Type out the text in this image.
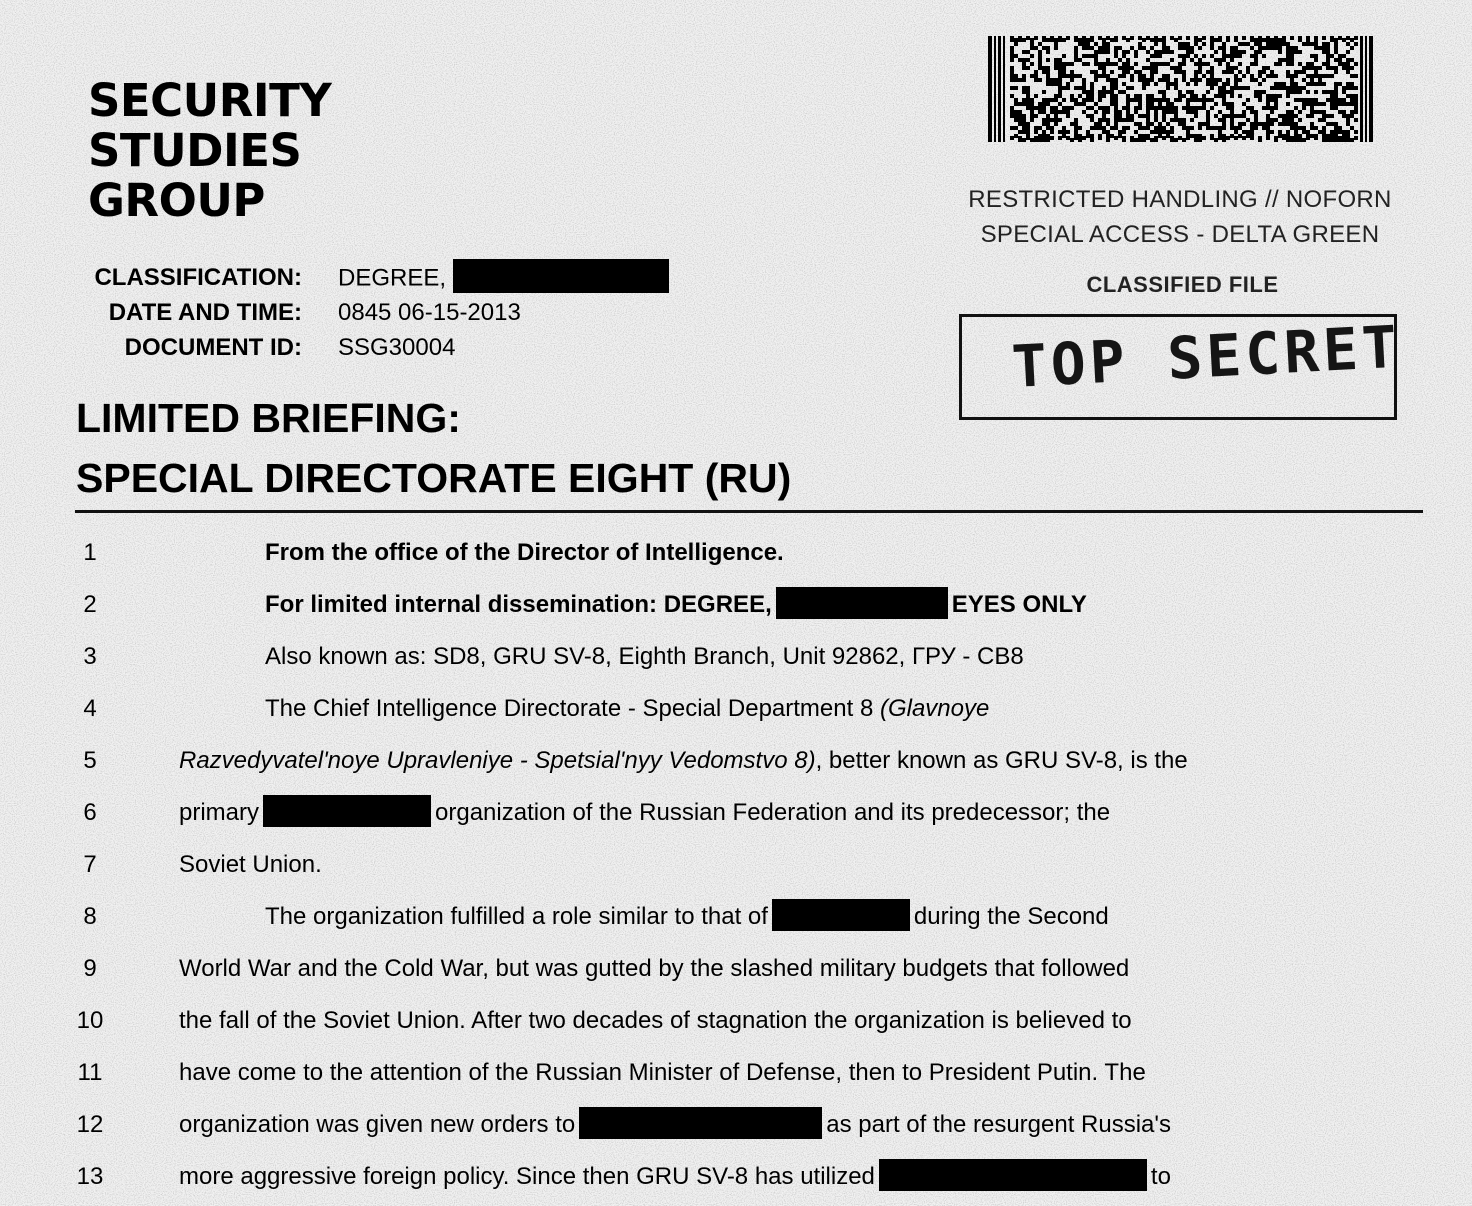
SECURITY
STUDIES
GROUP
CLASSIFICATION: DEGREE,
DATE AND TIME: 0845 06-15-2013
DOCUMENT ID: SSG30004
LIMITED BRIEFING:
SPECIAL DIRECTORATE EIGHT (RU)
RESTRICTED HANDLING // NOFORN
SPECIAL ACCESS - DELTA GREEN
CLASSIFIED FILE
TOP SECRET
1	From the office of the Director of Intelligence.
2	For limited internal dissemination: DEGREE,	EYES ONLY
3	Also known as: SD8, GRU SV-8, Eighth Branch, Unit 92862, ГРУ - СВ8
4	The Chief Intelligence Directorate - Special Department 8 (Glavnoye
5	Razvedyvatel'noye Upravleniye - Spetsial'nyy Vedomstvo 8), better known as GRU SV-8, is the
6	primary	organization of the Russian Federation and its predecessor; the
7	Soviet Union.
8	The organization fulfilled a role similar to that of	during the Second
9	World War and the Cold War, but was gutted by the slashed military budgets that followed
10	the fall of the Soviet Union. After two decades of stagnation the organization is believed to
11	have come to the attention of the Russian Minister of Defense, then to President Putin. The
12	organization was given new orders to	as part of the resurgent Russia's
13	more aggressive foreign policy. Since then GRU SV-8 has utilized	to
